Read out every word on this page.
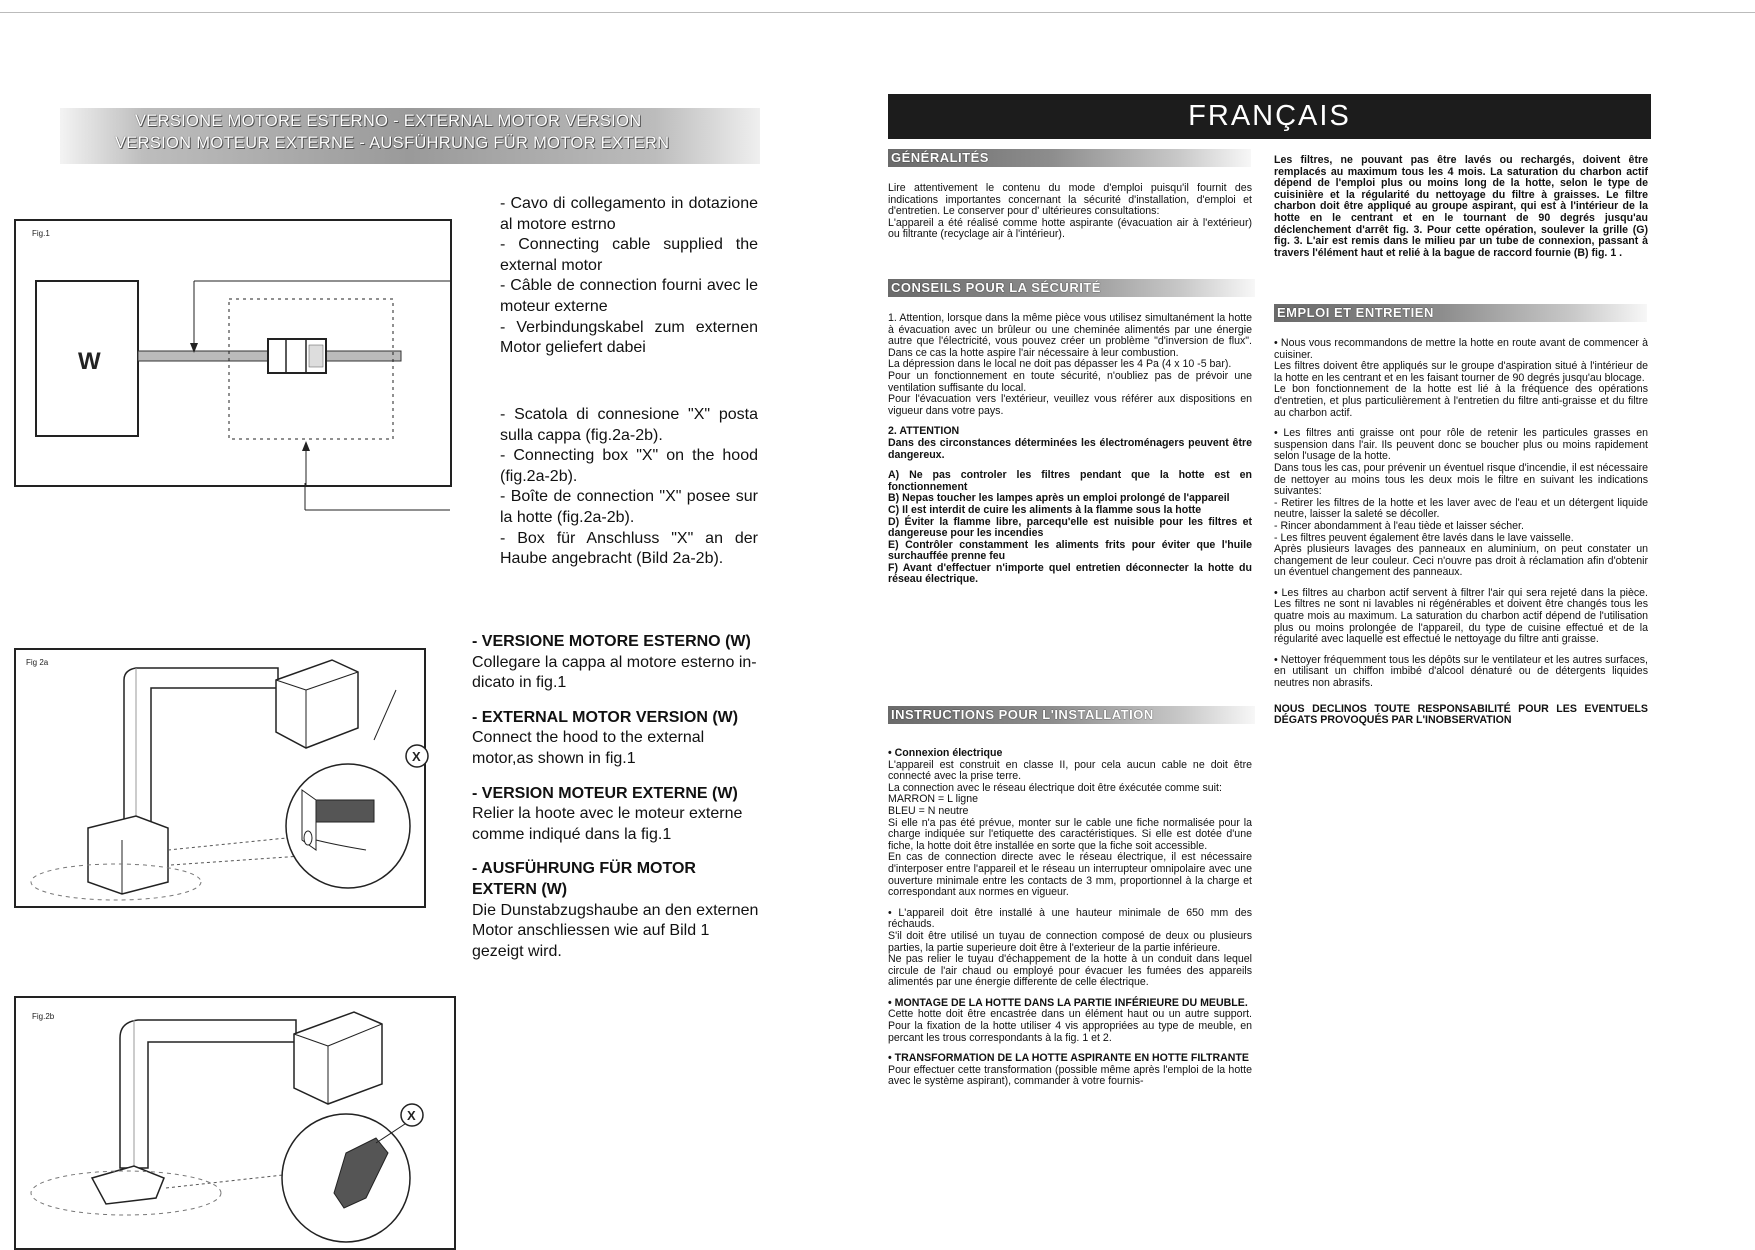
VERSIONE MOTORE ESTERNO - EXTERNAL MOTOR VERSION
VERSION MOTEUR EXTERNE - AUSFÜHRUNG FÜR MOTOR EXTERN
Fig.1
W
- Cavo di collegamento in dotazione al motore estrno
- Connecting cable supplied the external motor
- Câble de connection fourni avec le moteur externe
- Verbindungskabel zum externen Motor geliefert dabei
- Scatola di connesione "X" posta sulla cappa (fig.2a-2b).
- Connecting box "X" on the hood (fig.2a-2b).
- Boîte de connection "X" posee sur la hotte (fig.2a-2b).
- Box für Anschluss "X" an der Haube angebracht (Bild 2a-2b).
Fig 2a
X
Fig.2b
X
- VERSIONE MOTORE ESTERNO (W)
Collegare la cappa al motore esterno in-dicato in fig.1
- EXTERNAL MOTOR VERSION (W)
Connect the hood to the external motor,as shown in fig.1
- VERSION MOTEUR EXTERNE (W)
Relier la hoote avec le moteur externe comme indiqué dans la fig.1
- AUSFÜHRUNG FÜR MOTOR EXTERN (W)
Die Dunstabzugshaube an den externen Motor anschliessen wie auf Bild 1 gezeigt wird.
FRANÇAIS
GÉNÉRALITÉS

Lire attentivement le contenu du mode d'emploi puisqu'il fournit des indications importantes concernant la sécurité d'installation, d'emploi et d'entretien. Le conserver pour d' ultérieures consultations:
L'appareil a été réalisé comme hotte aspirante (évacuation air à l'extérieur) ou filtrante (recyclage air à l'intérieur).

CONSEILS POUR LA SÉCURITÉ

1. Attention, lorsque dans la même pièce vous utilisez simultanément la hotte à évacuation avec un brûleur ou une cheminée alimentés par une énergie autre que l'électricité, vous pouvez créer un problème "d'inversion de flux". Dans ce cas la hotte aspire l'air nécessaire à leur combustion.
La dépression dans le local ne doit pas dépasser les 4 Pa (4 x 10 -5 bar).
Pour un fonctionnement en toute sécurité, n'oubliez pas de prévoir une ventilation suffisante du local.
Pour l'évacuation vers l'extérieur, veuillez vous référer aux dispositions en vigueur dans votre pays.

2. ATTENTION
Dans des circonstances déterminées les électroménagers peuvent être dangereux.

A) Ne pas controler les filtres pendant que la hotte est en fonctionnement
B) Nepas toucher les lampes après un emploi prolongé de l'appareil
C) Il est interdit de cuire les aliments à la flamme sous la hotte
D) Éviter la flamme libre, parcequ'elle est nuisible pour les filtres et dangereuse pour les incendies
E) Contrôler constamment les aliments frits pour éviter que l'huile surchauffée prenne feu
F) Avant d'effectuer n'importe quel entretien déconnecter la hotte du réseau électrique.

INSTRUCTIONS POUR L'INSTALLATION
• Connexion électrique

L'appareil est construit en classe II, pour cela aucun cable ne doit être connecté avec la prise terre.
La connection avec le réseau électrique doit être éxécutée comme suit:
MARRON = L ligne
BLEU = N neutre
Si elle n'a pas été prévue, monter sur le cable une fiche normalisée pour la charge indiquée sur l'etiquette des caractéristiques. Si elle est dotée d'une fiche, la hotte doit être installée en sorte que la fiche soit accessible.
En cas de connection directe avec le réseau électrique, il est nécessaire d'interposer entre l'appareil et le réseau un interrupteur omnipolaire avec une ouverture minimale entre les contacts de 3 mm, proportionnel à la charge et correspondant aux normes en vigueur.

• L'appareil doit être installé à une hauteur minimale de 650 mm des réchauds.
S'il doit être utilisé un tuyau de connection composé de deux ou plusieurs parties, la partie superieure doit être à l'exterieur de la partie inférieure.
Ne pas relier le tuyau d'échappement de la hotte à un conduit dans lequel circule de l'air chaud ou employé pour évacuer les fumées des appareils alimentés par une énergie differente de celle électrique.

• MONTAGE DE LA HOTTE DANS LA PARTIE INFÉRIEURE DU MEUBLE.

Cette hotte doit être encastrée dans un élément haut ou un autre support. Pour la fixation de la hotte utiliser 4 vis appropriées au type de meuble, en percant les trous correspondants à la fig. 1 et 2.

• TRANSFORMATION DE LA HOTTE ASPIRANTE EN HOTTE FILTRANTE

Pour effectuer cette transformation (possible même après l'emploi de la hotte avec le système aspirant), commander à votre fournis-

Les filtres, ne pouvant pas être lavés ou rechargés, doivent être remplacés au maximum tous les 4 mois. La saturation du charbon actif dépend de l'emploi plus ou moins long de la hotte, selon le type de cuisinière et la régularité du nettoyage du filtre à graisses. Le filtre charbon doit être appliqué au groupe aspirant, qui est à l'intérieur de la hotte en le centrant et en le tournant de 90 degrés jusqu'au déclenchement d'arrêt fig. 3. Pour cette opération, soulever la grille (G) fig. 3. L'air est remis dans le milieu par un tube de connexion, passant à travers l'élément haut et relié à la bague de raccord fournie (B) fig. 1 .

EMPLOI ET ENTRETIEN

• Nous vous recommandons de mettre la hotte en route avant de commencer à cuisiner.
Les filtres doivent être appliqués sur le groupe d'aspiration situé à l'intérieur de la hotte en les centrant et en les faisant tourner de 90 degrés jusqu'au blocage.
Le bon fonctionnement de la hotte est lié à la fréquence des opérations d'entretien, et plus particulièrement à l'entretien du filtre anti-graisse et du filtre au charbon actif.

• Les filtres anti graisse ont pour rôle de retenir les particules grasses en suspension dans l'air. Ils peuvent donc se boucher plus ou moins rapidement selon l'usage de la hotte.
Dans tous les cas, pour prévenir un éventuel risque d'incendie, il est nécessaire de nettoyer au moins tous les deux mois le filtre en suivant les indications suivantes:
- Retirer les filtres de la hotte et les laver avec de l'eau et un détergent liquide neutre, laisser la saleté se décoller.
- Rincer abondamment à l'eau tiède et laisser sécher.
- Les filtres peuvent également être lavés dans le lave vaisselle.
Après plusieurs lavages des panneaux en aluminium, on peut constater un changement de leur couleur. Ceci n'ouvre pas droit à réclamation afin d'obtenir un éventuel changement des panneaux.

• Les filtres au charbon actif servent à filtrer l'air qui sera rejeté dans la pièce. Les filtres ne sont ni lavables ni régénérables et doivent être changés tous les quatre mois au maximum. La saturation du charbon actif dépend de l'utilisation plus ou moins prolongée de l'appareil, du type de cuisine effectué et de la régularité avec laquelle est effectué le nettoyage du filtre anti graisse.

• Nettoyer fréquemment tous les dépôts sur le ventilateur et les autres surfaces, en utilisant un chiffon imbibé d'alcool dénaturé ou de détergents liquides neutres non abrasifs.

NOUS DECLINOS TOUTE RESPONSABILITÉ POUR LES EVENTUELS DÉGATS PROVOQUÉS PAR L'INOBSERVATION
